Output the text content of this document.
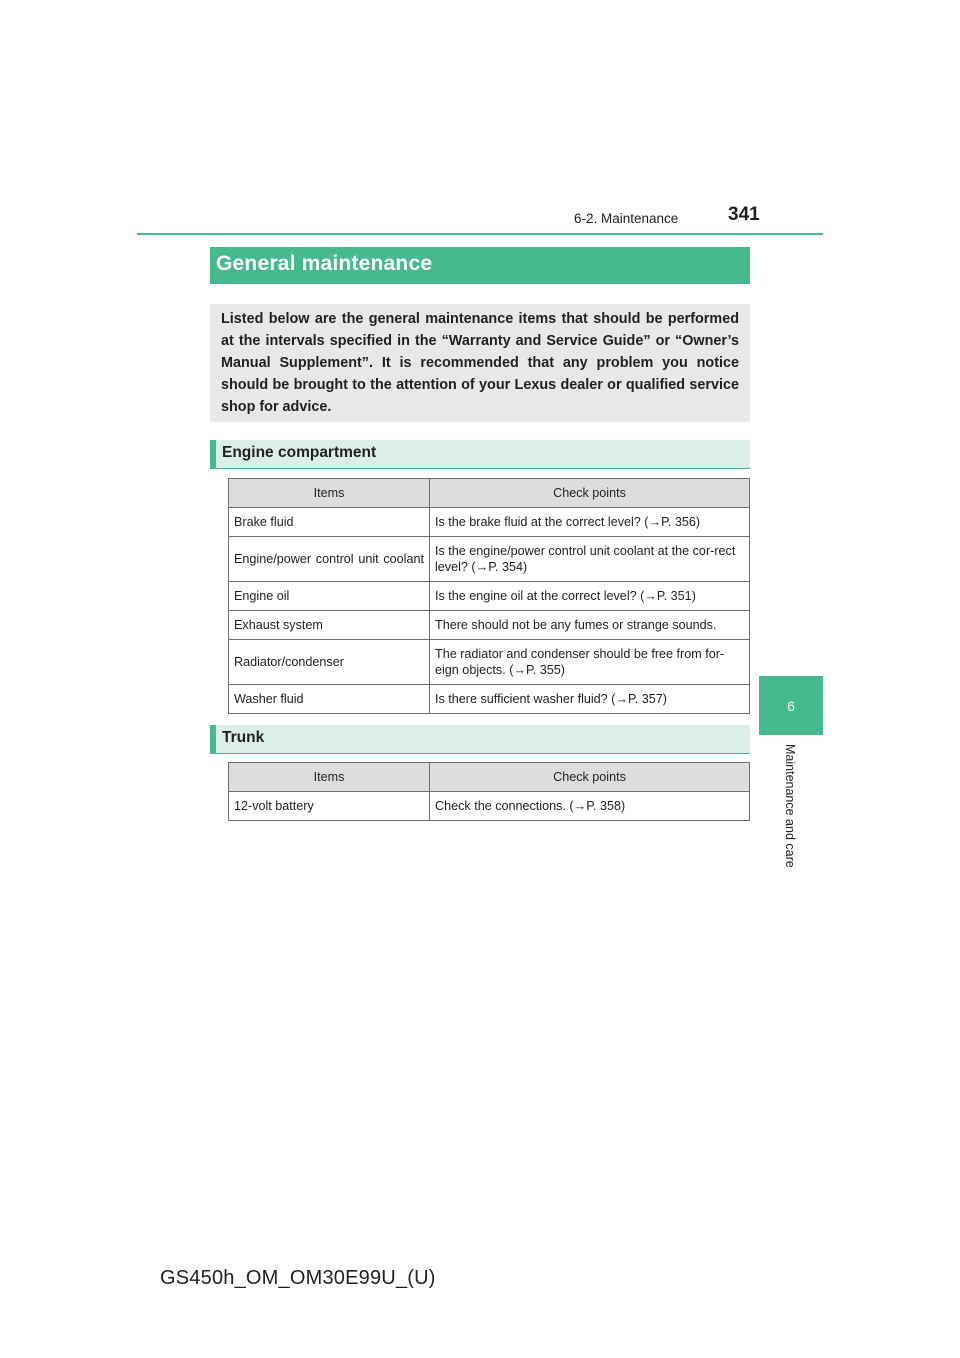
6-2. Maintenance	341
6
Maintenance and care
General maintenance

Listed below are the general maintenance items that should be performed at the intervals specified in the “Warranty and Service Guide” or “Owner’s Manual Supplement”. It is recommended that any problem you notice should be brought to the attention of your Lexus dealer or qualified service shop for advice.

Engine compartment
Items	Check points
Brake fluid	Is the brake fluid at the correct level? (→P. 356)
Engine/power control unit coolant	Is the engine/power control unit coolant at the cor-rect level? (→P. 354)
Engine oil	Is the engine oil at the correct level? (→P. 351)
Exhaust system	There should not be any fumes or strange sounds.
Radiator/condenser	The radiator and condenser should be free from for-eign objects. (→P. 355)
Washer fluid	Is there sufficient washer fluid? (→P. 357)
Trunk
Items	Check points
12-volt battery	Check the connections. (→P. 358)
GS450h_OM_OM30E99U_(U)
